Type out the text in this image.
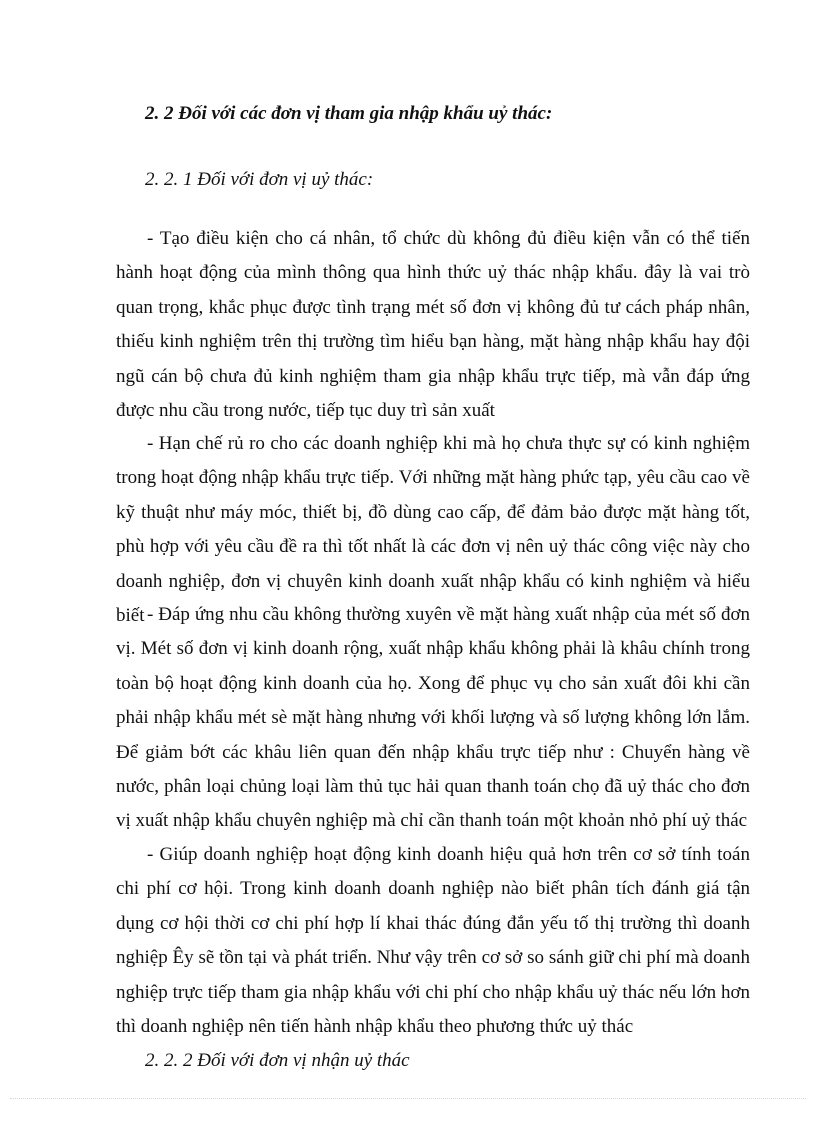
2. 2 Đối với các đơn vị tham gia nhập khẩu uỷ thác:
2. 2. 1 Đối với đơn vị uỷ thác:

- Tạo điều kiện cho cá nhân, tổ chức dù không đủ điều kiện vẫn có thể tiến hành hoạt động của mình thông qua hình thức uỷ thác nhập khẩu. đây là vai trò quan trọng, khắc phục được tình trạng mét số đơn vị không đủ tư cách pháp nhân, thiếu kinh nghiệm trên thị trường tìm hiểu bạn hàng, mặt hàng nhập khẩu hay đội ngũ cán bộ chưa đủ kinh nghiệm tham gia nhập khẩu trực tiếp, mà vẫn đáp ứng được nhu cầu trong nước, tiếp tục duy trì sản xuất

- Hạn chế rủ ro cho các doanh nghiệp khi mà họ chưa thực sự có kinh nghiệm trong hoạt động nhập khẩu trực tiếp. Với những mặt hàng phức tạp, yêu cầu cao về kỹ thuật như máy móc, thiết bị, đồ dùng cao cấp, để đảm bảo được mặt hàng tốt, phù hợp với yêu cầu đề ra thì tốt nhất là các đơn vị nên uỷ thác công việc này cho doanh nghiệp, đơn vị chuyên kinh doanh xuất nhập khẩu có kinh nghiệm và hiểu biết - Đáp ứng nhu cầu không thường xuyên về mặt hàng xuất nhập của mét số đơn vị. Mét số đơn vị kinh doanh rộng, xuất nhập khẩu không phải là khâu chính trong toàn bộ hoạt động kinh doanh của họ. Xong để phục vụ cho sản xuất đôi khi cần phải nhập khẩu mét sè mặt hàng nhưng với khối lượng và số lượng không lớn lắm. Để giảm bớt các khâu liên quan đến nhập khẩu trực tiếp như : Chuyển hàng về nước, phân loại chủng loại làm thủ tục hải quan thanh toán chọ đã uỷ thác cho đơn vị xuất nhập khẩu chuyên nghiệp mà chỉ cần thanh toán một khoản nhỏ phí uỷ thác

- Giúp doanh nghiệp hoạt động kinh doanh hiệu quả hơn trên cơ sở tính toán chi phí cơ hội. Trong kinh doanh doanh nghiệp nào biết phân tích đánh giá tận dụng cơ hội thời cơ chi phí hợp lí khai thác đúng đắn yếu tố thị trường thì doanh nghiệp Êy sẽ tồn tại và phát triển. Như vậy trên cơ sở so sánh giữ chi phí mà doanh nghiệp trực tiếp tham gia nhập khẩu với chi phí cho nhập khẩu uỷ thác nếu lớn hơn thì doanh nghiệp nên tiến hành nhập khẩu theo phương thức uỷ thác

2. 2. 2 Đối với đơn vị nhận uỷ thác
